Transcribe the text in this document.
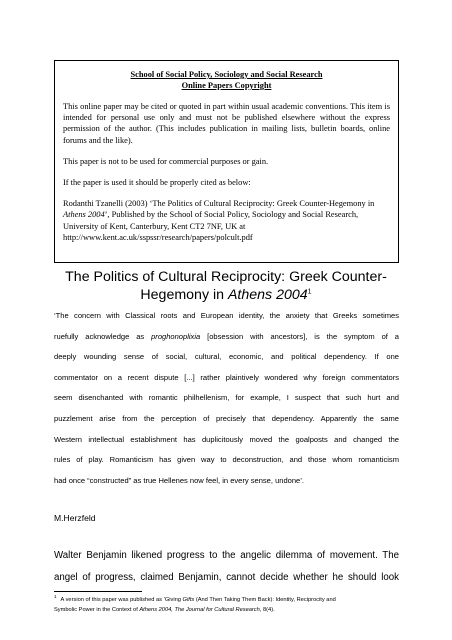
School of Social Policy, Sociology and Social Research
Online Papers Copyright

This online paper may be cited or quoted in part within usual academic conventions. This item is intended for personal use only and must not be published elsewhere without the express permission of the author. (This includes publication in mailing lists, bulletin boards, online forums and the like).

This paper is not to be used for commercial purposes or gain.

If the paper is used it should be properly cited as below:

Rodanthi Tzanelli (2003) ‘The Politics of Cultural Reciprocity: Greek Counter-Hegemony in Athens 2004’, Published by the School of Social Policy, Sociology and Social Research, University of Kent, Canterbury, Kent CT2 7NF, UK at http://www.kent.ac.uk/sspssr/research/papers/polcult.pdf

The Politics of Cultural Reciprocity: Greek Counter-
Hegemony in Athens 2004$^1$
‘The concern with Classical roots and European identity, the anxiety that Greeks sometimes
ruefully acknowledge as proghonoplixia [obsession with ancestors], is the symptom of a
deeply wounding sense of social, cultural, economic, and political dependency. If one
commentator on a recent dispute [...] rather plaintively wondered why foreign commentators
seem disenchanted with romantic philhellenism, for example, I suspect that such hurt and
puzzlement arise from the perception of precisely that dependency. Apparently the same
Western intellectual establishment has duplicitously moved the goalposts and changed the
rules of play. Romanticism has given way to deconstruction, and those whom romanticism
had once “constructed” as true Hellenes now feel, in every sense, undone’.
M.Herzfeld
Walter Benjamin likened progress to the angelic dilemma of movement. The
angel of progress, claimed Benjamin, cannot decide whether he should look
$^1$A version of this paper was published as ‘Giving Gifts (And Then Taking Them Back): Identity, Reciprocity and
Symbolic Power in the Context of Athens 2004, The Journal for Cultural Research, 8(4).
